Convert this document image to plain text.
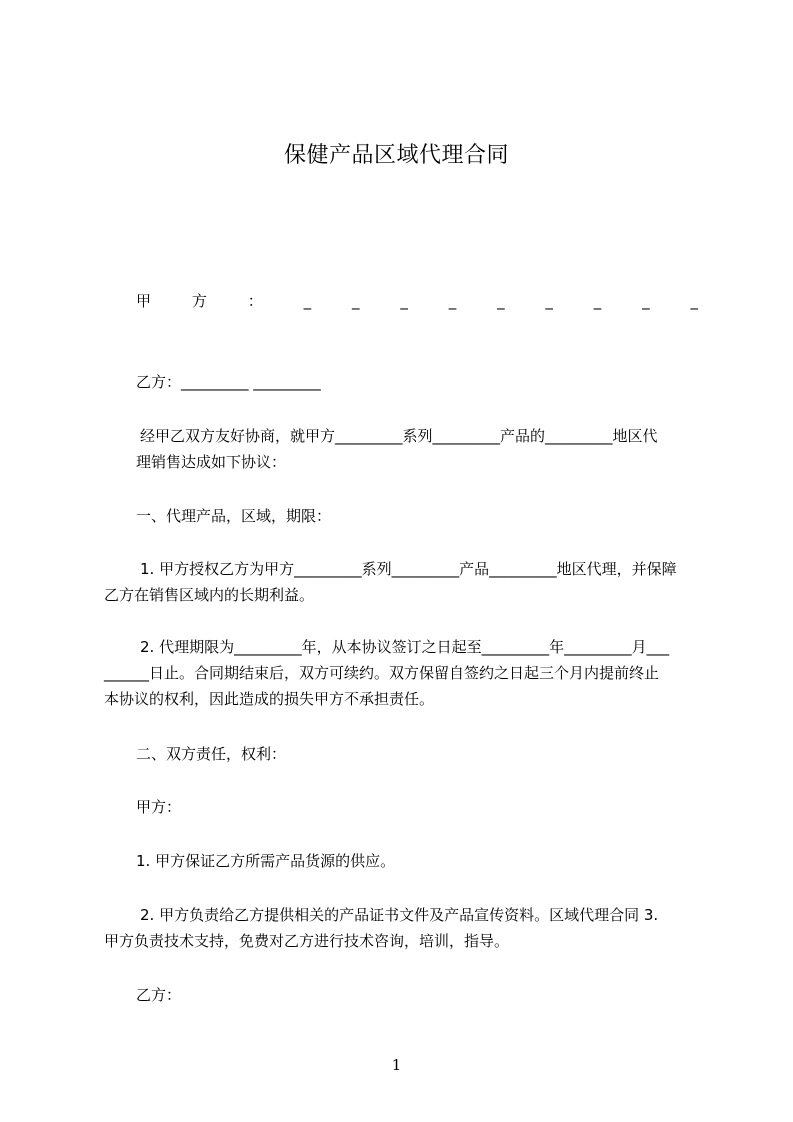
保健产品区域代理合同
甲	方	：	_	_	_	_	_	_	_	_	_
乙方：_________ _________
经甲乙双方友好协商，就甲方_________系列_________产品的_________地区代
理销售达成如下协议：
一、代理产品，区域，期限：
1. 甲方授权乙方为甲方_________系列_________产品_________地区代理，并保障
乙方在销售区域内的长期利益。
2. 代理期限为_________年，从本协议签订之日起至_________年_________月___
______日止。合同期结束后，双方可续约。双方保留自签约之日起三个月内提前终止
本协议的权利，因此造成的损失甲方不承担责任。
二、双方责任，权利：
甲方：
1. 甲方保证乙方所需产品货源的供应。
2. 甲方负责给乙方提供相关的产品证书文件及产品宣传资料。区域代理合同 3.
甲方负责技术支持，免费对乙方进行技术咨询，培训，指导。
乙方：
1
